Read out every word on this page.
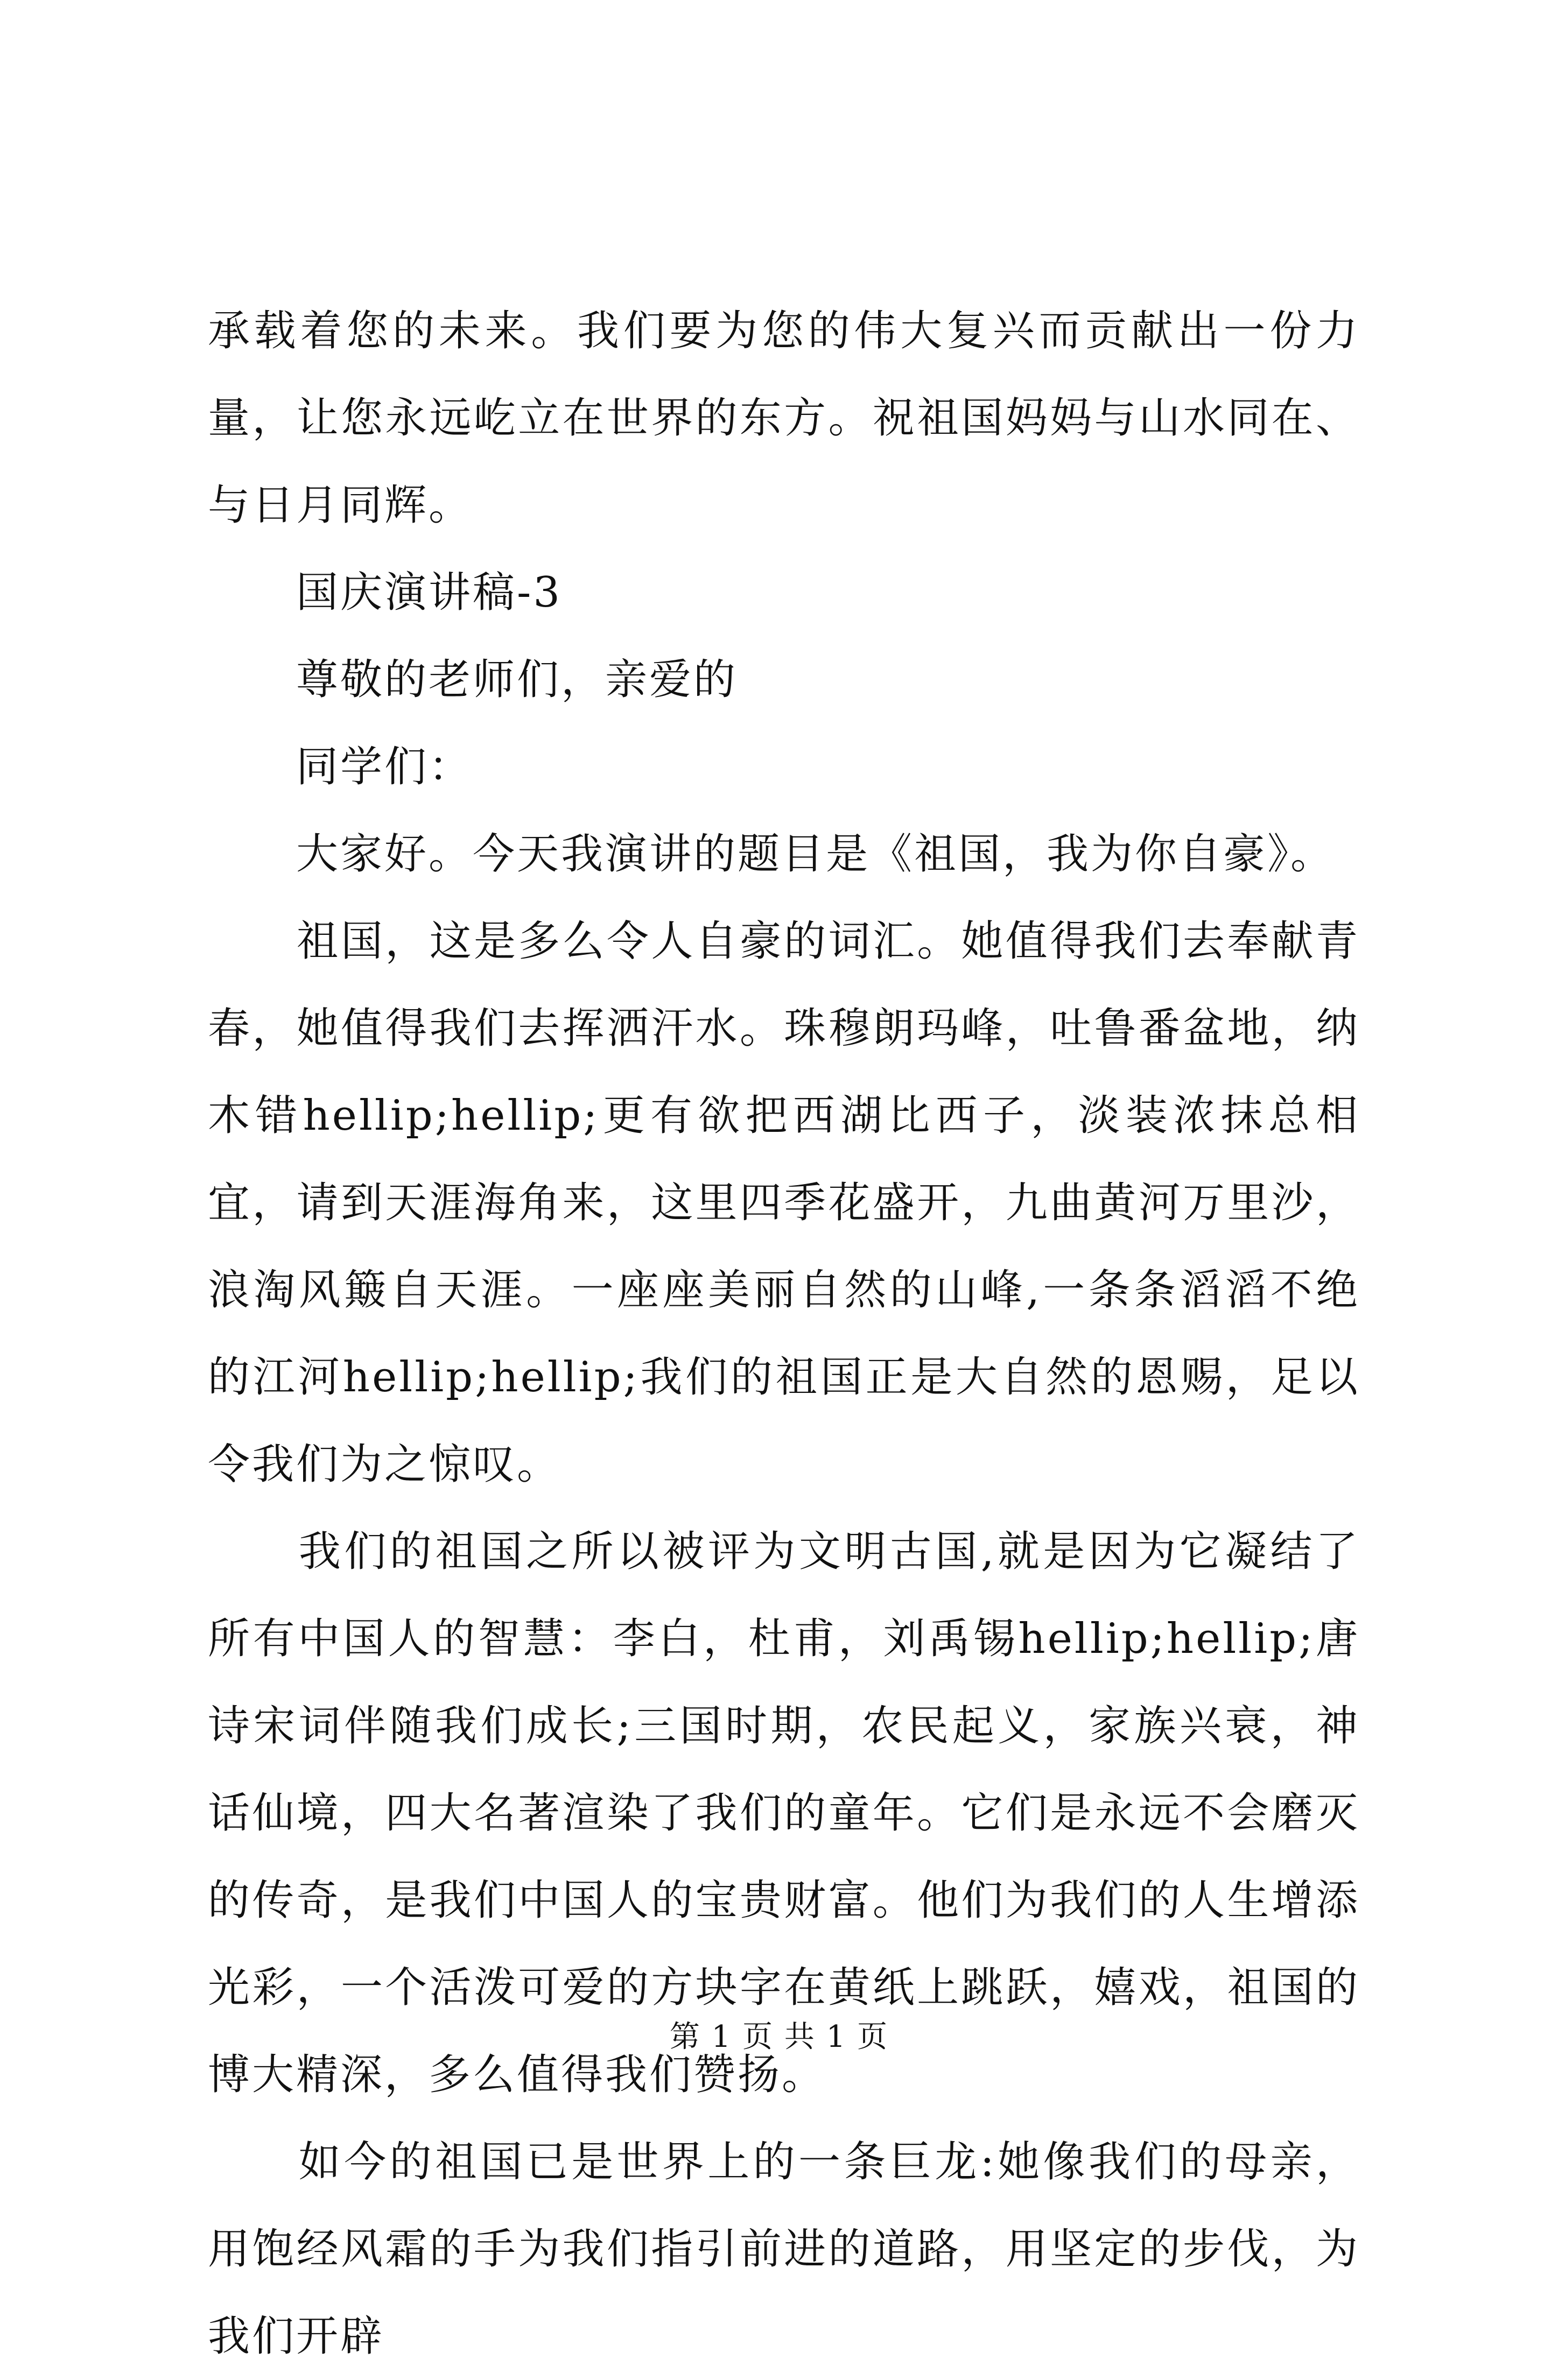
承载着您的未来。我们要为您的伟大复兴而贡献出一份力量，让您永远屹立在世界的东方。祝祖国妈妈与山水同在、与日月同辉。

　　国庆演讲稿-3

　　尊敬的老师们，亲爱的

　　同学们：

　　大家好。今天我演讲的题目是《祖国，我为你自豪》。

　　祖国，这是多么令人自豪的词汇。她值得我们去奉献青春，她值得我们去挥洒汗水。珠穆朗玛峰，吐鲁番盆地，纳木错hellip;hellip;更有欲把西湖比西子，淡装浓抹总相宜，请到天涯海角来，这里四季花盛开，九曲黄河万里沙，浪淘风簸自天涯。一座座美丽自然的山峰,一条条滔滔不绝的江河hellip;hellip;我们的祖国正是大自然的恩赐，足以令我们为之惊叹。

　　我们的祖国之所以被评为文明古国,就是因为它凝结了所有中国人的智慧：李白，杜甫，刘禹锡hellip;hellip;唐诗宋词伴随我们成长;三国时期，农民起义，家族兴衰，神话仙境，四大名著渲染了我们的童年。它们是永远不会磨灭的传奇，是我们中国人的宝贵财富。他们为我们的人生增添光彩，一个活泼可爱的方块字在黄纸上跳跃，嬉戏，祖国的博大精深，多么值得我们赞扬。

　　如今的祖国已是世界上的一条巨龙:她像我们的母亲，用饱经风霜的手为我们指引前进的道路，用坚定的步伐，为我们开辟

第 1 页 共 1 页
